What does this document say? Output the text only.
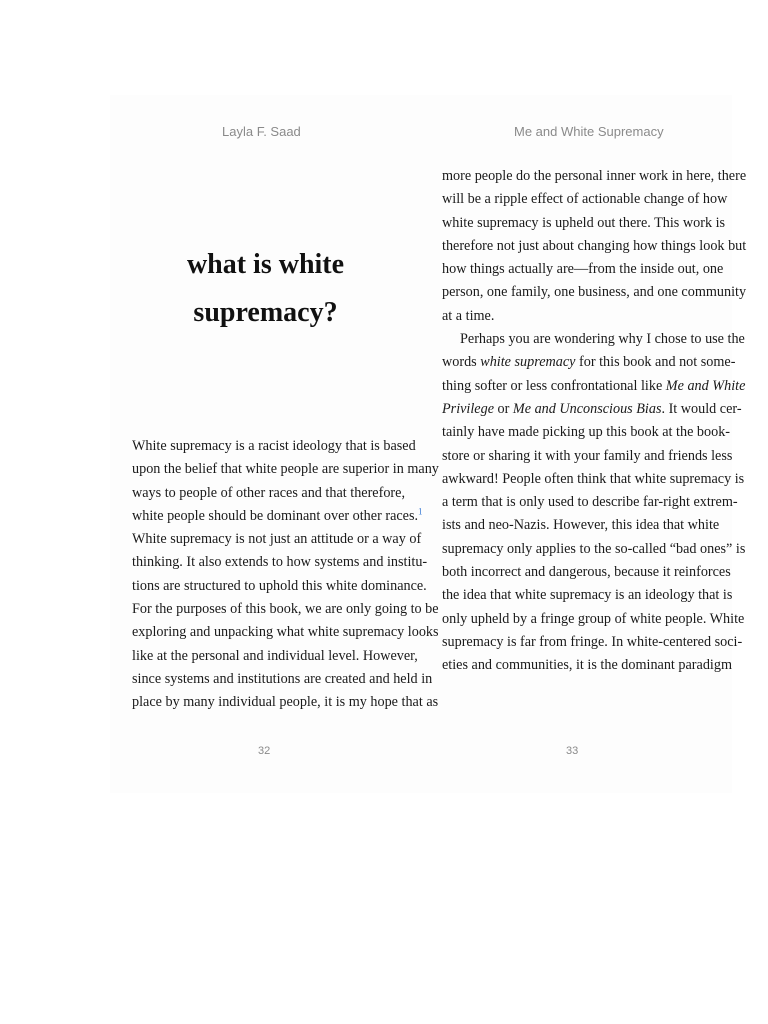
Layla F. Saad
what is white
supremacy?
White supremacy is a racist ideology that is based
upon the belief that white people are superior in many
ways to people of other races and that therefore,
white people should be dominant over other races.$^1$
White supremacy is not just an attitude or a way of
thinking. It also extends to how systems and institu-
tions are structured to uphold this white dominance.
For the purposes of this book, we are only going to be
exploring and unpacking what white supremacy looks
like at the personal and individual level. However,
since systems and institutions are created and held in
place by many individual people, it is my hope that as
32
Me and White Supremacy
more people do the personal inner work in here, there
will be a ripple effect of actionable change of how
white supremacy is upheld out there. This work is
therefore not just about changing how things look but
how things actually are—from the inside out, one
person, one family, one business, and one community
at a time.
Perhaps you are wondering why I chose to use the
words white supremacy for this book and not some-
thing softer or less confrontational like Me and White
Privilege or Me and Unconscious Bias. It would cer-
tainly have made picking up this book at the book-
store or sharing it with your family and friends less
awkward! People often think that white supremacy is
a term that is only used to describe far-right extrem-
ists and neo-Nazis. However, this idea that white
supremacy only applies to the so-called “bad ones” is
both incorrect and dangerous, because it reinforces
the idea that white supremacy is an ideology that is
only upheld by a fringe group of white people. White
supremacy is far from fringe. In white-centered soci-
eties and communities, it is the dominant paradigm
33
